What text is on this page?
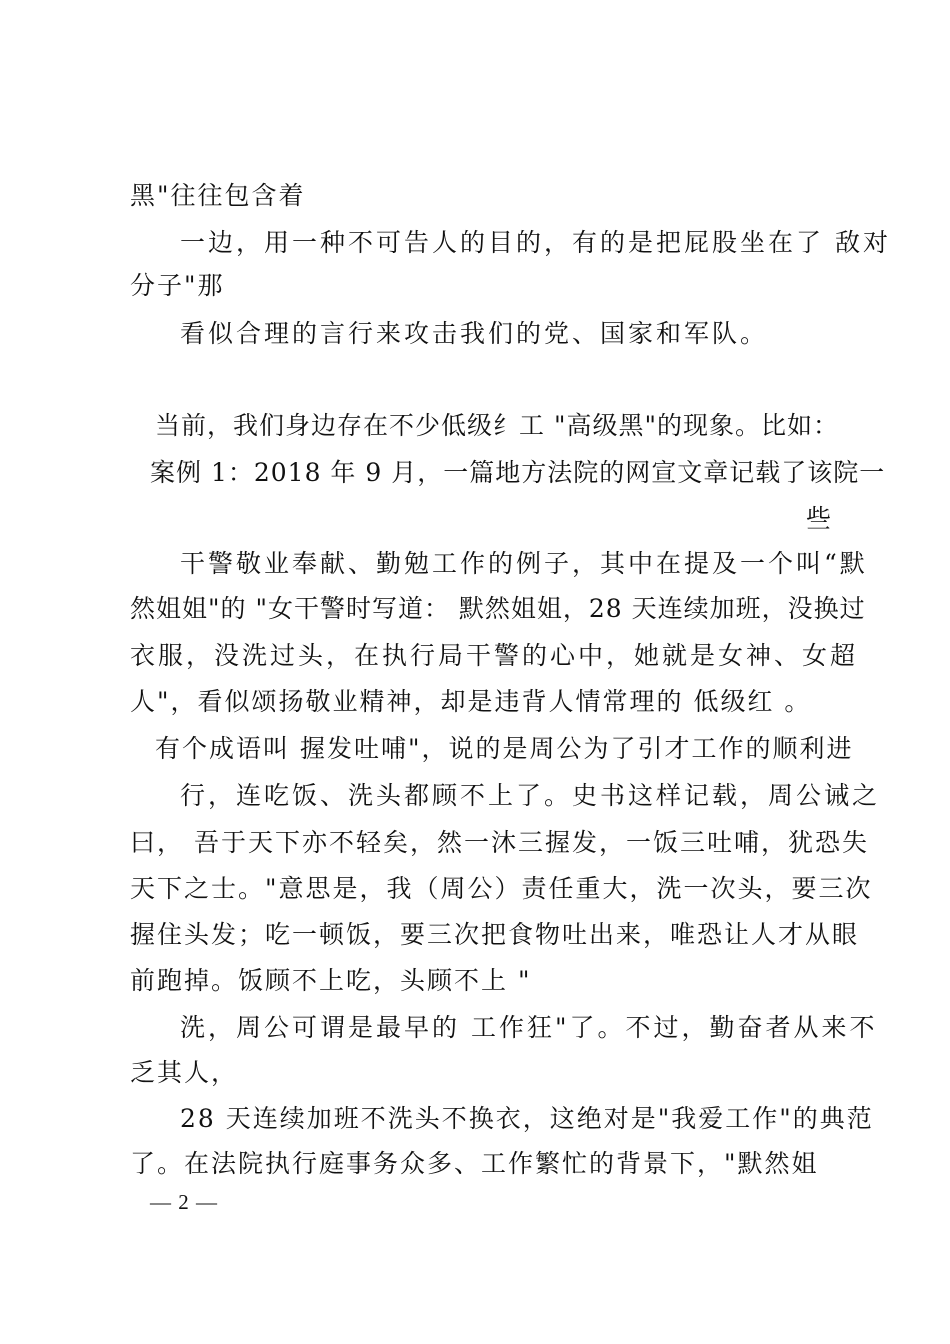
黑"往往包含着
一边，用一种不可告人的目的，有的是把屁股坐在了 敌对
分子"那
看似合理的言行来攻击我们的党、国家和军队。
当前，我们身边存在不少低级纟工 "高级黑"的现象。比如：
案例 1：2018 年 9 月，一篇地方法院的网宣文章记载了该院一
些
干警敬业奉献、勤勉工作的例子，其中在提及一个叫“默
然姐姐"的 "女干警时写道： 默然姐姐，28 天连续加班，没换过
衣服，没洗过头，在执行局干警的心中，她就是女神、女超
人"，看似颂扬敬业精神，却是违背人情常理的 低级红 。
有个成语叫 握发吐哺"，说的是周公为了引才工作的顺利进
行，连吃饭、洗头都顾不上了。史书这样记载，周公诫之
曰， 吾于天下亦不轻矣，然一沐三握发，一饭三吐哺，犹恐失
天下之士。"意思是，我（周公）责任重大，洗一次头，要三次
握住头发；吃一顿饭，要三次把食物吐出来，唯恐让人才从眼
前跑掉。饭顾不上吃，头顾不上 "
洗，周公可谓是最早的 工作狂"了。不过，勤奋者从来不
乏其人，
28 天连续加班不洗头不换衣，这绝对是"我爱工作"的典范
了。在法院执行庭事务众多、工作繁忙的背景下，"默然姐
— 2 —
